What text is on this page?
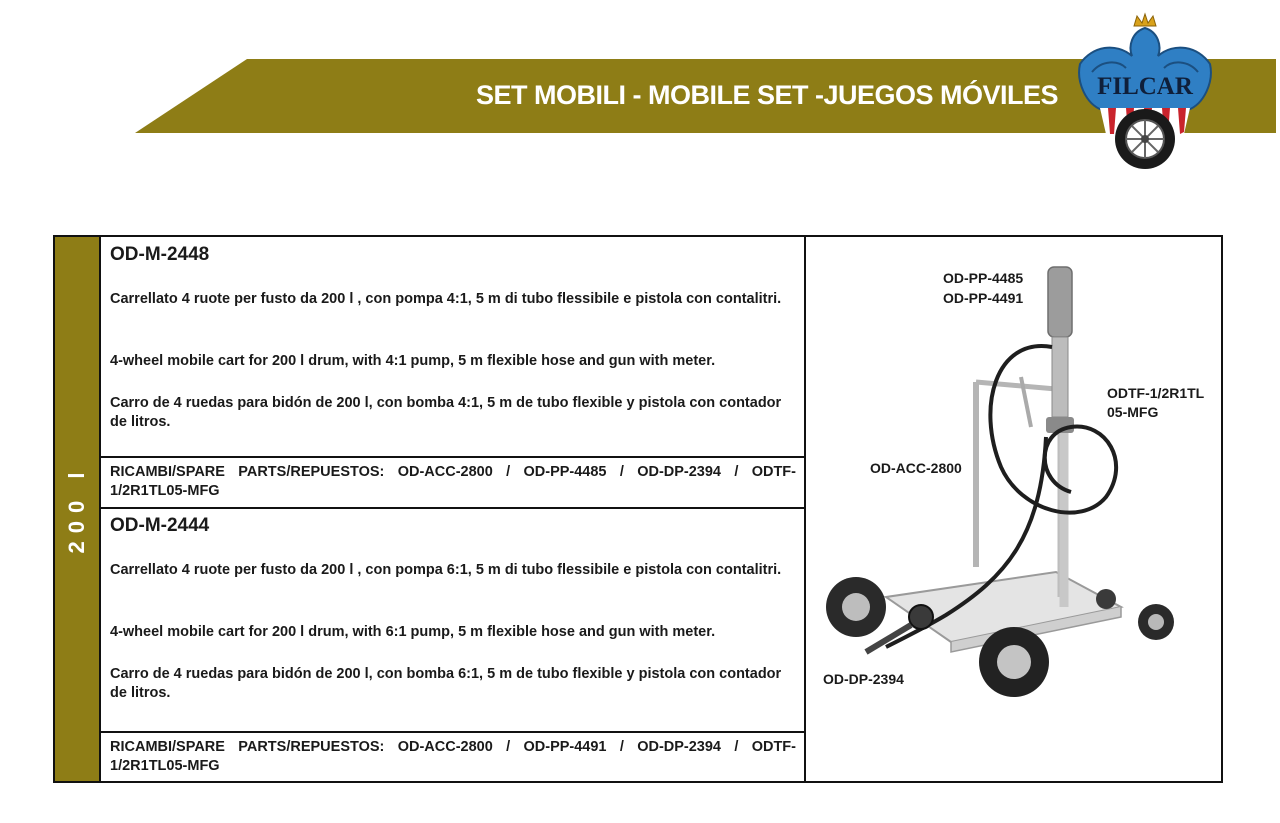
SET MOBILI - MOBILE SET -JUEGOS MÓVILES FILCAR
200 l

OD-M-2448

Carrellato 4 ruote per fusto da 200 l , con pompa 4:1, 5 m di tubo flessibile e pistola con contalitri.

4-wheel mobile cart for 200 l drum, with 4:1 pump, 5 m flexible hose and gun with meter.

Carro de 4 ruedas para bidón de 200 l, con bomba 4:1, 5 m de tubo flexible y pistola con contador de litros.

RICAMBI/SPARE PARTS/REPUESTOS: OD-ACC-2800 / OD-PP-4485 / OD-DP-2394 / ODTF-1/2R1TL05-MFG

OD-M-2444

Carrellato 4 ruote per fusto da 200 l , con pompa 6:1, 5 m di tubo flessibile e pistola con contalitri.

4-wheel mobile cart for 200 l drum, with 6:1 pump, 5 m flexible hose and gun with meter.

Carro de 4 ruedas para bidón de 200 l, con bomba 6:1, 5 m de tubo flexible y pistola con contador de litros.

RICAMBI/SPARE PARTS/REPUESTOS: OD-ACC-2800 / OD-PP-4491 / OD-DP-2394 / ODTF-1/2R1TL05-MFG
OD-PP-4485
OD-PP-4491
ODTF-1/2R1TL
05-MFG
OD-ACC-2800
OD-DP-2394
